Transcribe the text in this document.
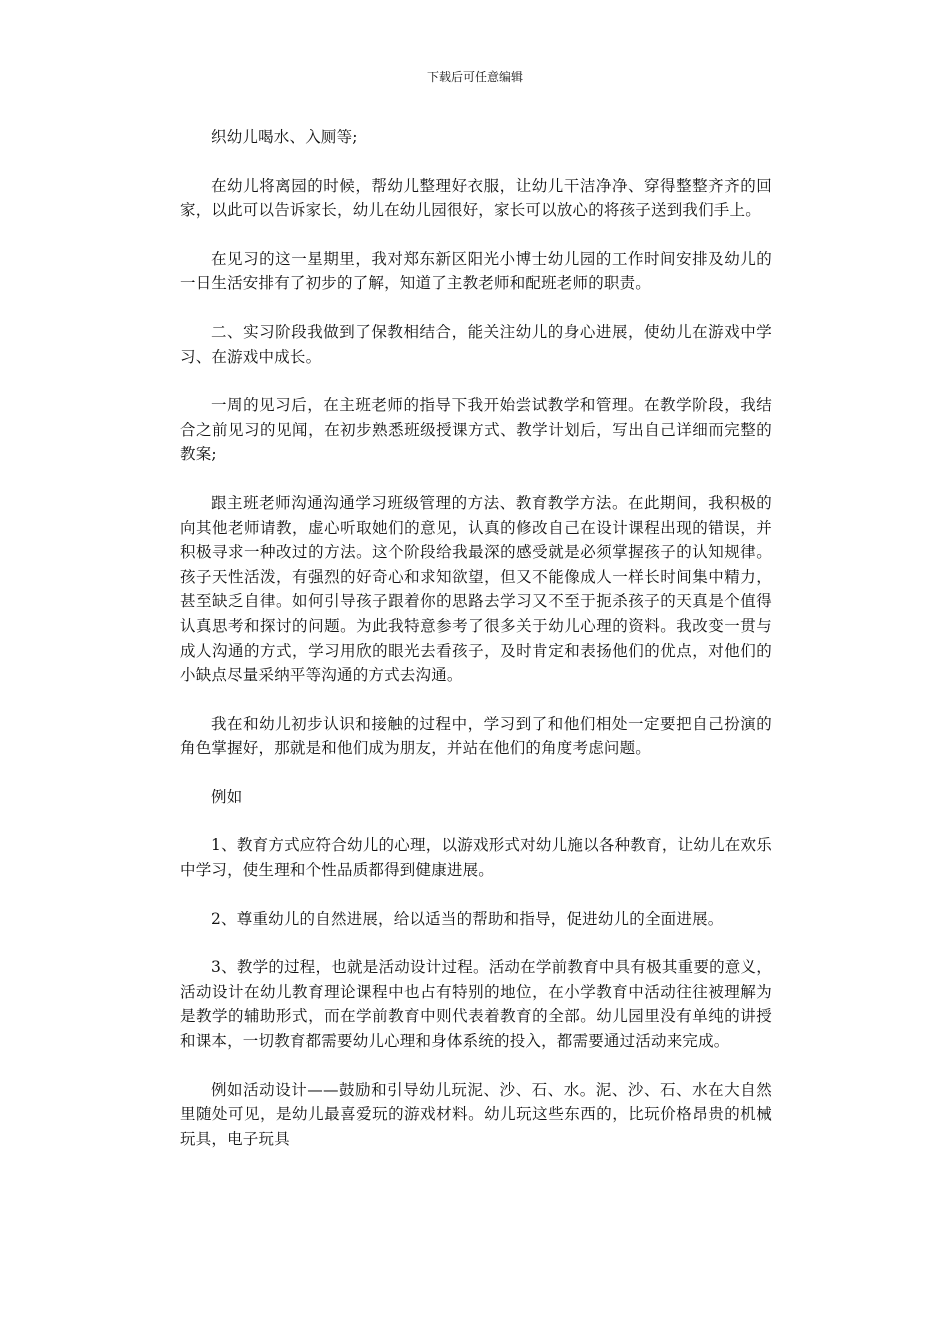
下载后可任意编辑

织幼儿喝水、入厕等;

在幼儿将离园的时候，帮幼儿整理好衣服，让幼儿干洁净净、穿得整整齐齐的回家，以此可以告诉家长，幼儿在幼儿园很好，家长可以放心的将孩子送到我们手上。

在见习的这一星期里，我对郑东新区阳光小博士幼儿园的工作时间安排及幼儿的一日生活安排有了初步的了解，知道了主教老师和配班老师的职责。

二、实习阶段我做到了保教相结合，能关注幼儿的身心进展，使幼儿在游戏中学习、在游戏中成长。

一周的见习后，在主班老师的指导下我开始尝试教学和管理。在教学阶段，我结合之前见习的见闻，在初步熟悉班级授课方式、教学计划后，写出自己详细而完整的教案;

跟主班老师沟通沟通学习班级管理的方法、教育教学方法。在此期间，我积极的向其他老师请教，虚心听取她们的意见，认真的修改自己在设计课程出现的错误，并积极寻求一种改过的方法。这个阶段给我最深的感受就是必须掌握孩子的认知规律。孩子天性活泼，有强烈的好奇心和求知欲望，但又不能像成人一样长时间集中精力，甚至缺乏自律。如何引导孩子跟着你的思路去学习又不至于扼杀孩子的天真是个值得认真思考和探讨的问题。为此我特意参考了很多关于幼儿心理的资料。我改变一贯与成人沟通的方式，学习用欣的眼光去看孩子，及时肯定和表扬他们的优点，对他们的小缺点尽量采纳平等沟通的方式去沟通。

我在和幼儿初步认识和接触的过程中，学习到了和他们相处一定要把自己扮演的角色掌握好，那就是和他们成为朋友，并站在他们的角度考虑问题。

例如

1、教育方式应符合幼儿的心理，以游戏形式对幼儿施以各种教育，让幼儿在欢乐中学习，使生理和个性品质都得到健康进展。

2、尊重幼儿的自然进展，给以适当的帮助和指导，促进幼儿的全面进展。

3、教学的过程，也就是活动设计过程。活动在学前教育中具有极其重要的意义，活动设计在幼儿教育理论课程中也占有特别的地位，在小学教育中活动往往被理解为是教学的辅助形式，而在学前教育中则代表着教育的全部。幼儿园里没有单纯的讲授和课本，一切教育都需要幼儿心理和身体系统的投入，都需要通过活动来完成。

例如活动设计——鼓励和引导幼儿玩泥、沙、石、水。泥、沙、石、水在大自然里随处可见，是幼儿最喜爱玩的游戏材料。幼儿玩这些东西的，比玩价格昂贵的机械玩具，电子玩具
